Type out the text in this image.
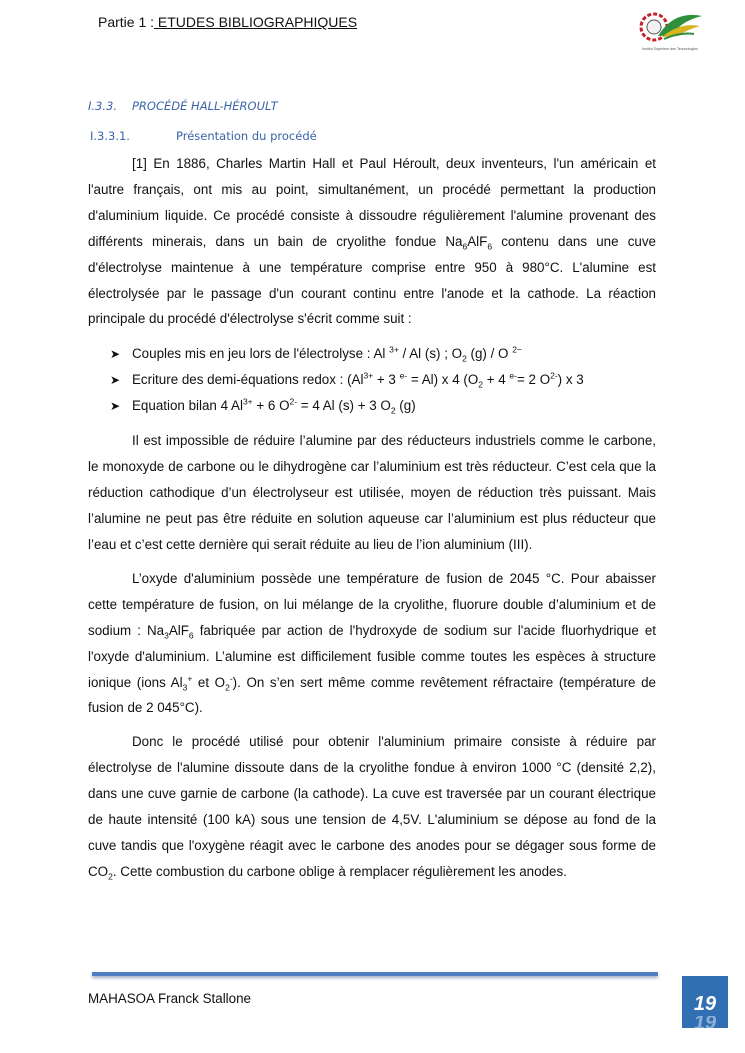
Partie 1 : ETUDES BIBLIOGRAPHIQUES
Institut Supérieur des Technologies
I.3.3. PROCÉDÉ HALL-HÉROULT
I.3.3.1.	Présentation du procédé

[1] En 1886, Charles Martin Hall et Paul Héroult, deux inventeurs, l'un américain et l'autre français, ont mis au point, simultanément, un procédé permettant la production d'aluminium liquide. Ce procédé consiste à dissoudre régulièrement l'alumine provenant des différents minerais, dans un bain de cryolithe fondue $Na_6AlF_6$ contenu dans une cuve d'électrolyse maintenue à une température comprise entre 950 à 980°C. L'alumine est électrolysée par le passage d'un courant continu entre l'anode et la cathode. La réaction principale du procédé d'électrolyse s'écrit comme suit :

➤ Couples mis en jeu lors de l'électrolyse : Al $^{3+}$ / Al (s) ; $O_2$ (g) / O $^{2-}$
➤ Ecriture des demi-équations redox : ($Al^{3+} + 3$ $^{e-}$ = Al) x 4 ($O_2 + 4$ $^{e-}$= 2 $O^{2-}$) x 3
➤ Equation bilan 4 $Al^{3+} + 6$ $O^{2-} = 4$ Al (s) + 3 $O_2$ (g)

Il est impossible de réduire l’alumine par des réducteurs industriels comme le carbone, le monoxyde de carbone ou le dihydrogène car l’aluminium est très réducteur. C’est cela que la réduction cathodique d’un électrolyseur est utilisée, moyen de réduction très puissant. Mais l’alumine ne peut pas être réduite en solution aqueuse car l’aluminium est plus réducteur que l’eau et c’est cette dernière qui serait réduite au lieu de l’ion aluminium (III).

L’oxyde d'aluminium possède une température de fusion de 2045 °C. Pour abaisser cette température de fusion, on lui mélange de la cryolithe, fluorure double d’aluminium et de sodium : $Na_3AlF_6$ fabriquée par action de l'hydroxyde de sodium sur l'acide fluorhydrique et l'oxyde d'aluminium. L’alumine est difficilement fusible comme toutes les espèces à structure ionique (ions $Al_3^+$ et $O_2^-$). On s’en sert même comme revêtement réfractaire (température de fusion de 2 045°C).

Donc le procédé utilisé pour obtenir l'aluminium primaire consiste à réduire par électrolyse de l'alumine dissoute dans de la cryolithe fondue à environ 1000 °C (densité 2,2), dans une cuve garnie de carbone (la cathode). La cuve est traversée par un courant électrique de haute intensité (100 kA) sous une tension de 4,5V. L'aluminium se dépose au fond de la cuve tandis que l'oxygène réagit avec le carbone des anodes pour se dégager sous forme de $CO_2$. Cette combustion du carbone oblige à remplacer régulièrement les anodes.

MAHASOA Franck Stallone	19
19
